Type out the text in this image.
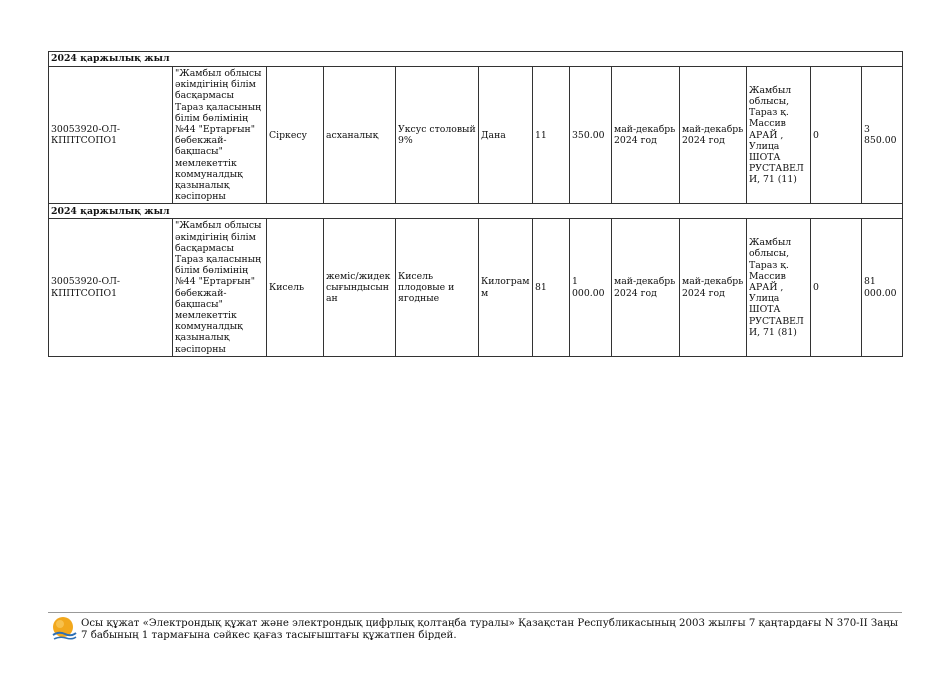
2024 қаржылық жыл												
30053920-ОЛ-КППТСОПО1	"Жамбыл облысы әкімдігінің білім басқармасы Тараз қаласының білім бөлімінің №44 "Ертарғын" бөбекжай-бақшасы" мемлекеттік коммуналдық қазыналық кәсіпорны	Сіркесу	асханалық	Уксус столовый 9%	Дана	11	350.00	май-декабрь 2024 год	май-декабрь 2024 год	Жамбыл облысы, Тараз қ. Массив АРАЙ , Улица ШОТА РУСТАВЕЛИ, 71 (11)	0	3 850.00
2024 қаржылық жыл												
30053920-ОЛ-КППТСОПО1	"Жамбыл облысы әкімдігінің білім басқармасы Тараз қаласының білім бөлімінің №44 "Ертарғын" бөбекжай-бақшасы" мемлекеттік коммуналдық қазыналық кәсіпорны	Кисель	жеміс/жидек сығындысынан	Кисель плодовые и ягодные	Килограмм	81	1 000.00	май-декабрь 2024 год	май-декабрь 2024 год	Жамбыл облысы, Тараз қ. Массив АРАЙ , Улица ШОТА РУСТАВЕЛИ, 71 (81)	0	81 000.00
Осы құжат «Электрондық құжат және электрондық цифрлық қолтаңба туралы» Қазақстан Республикасының 2003 жылғы 7 қаңтардағы N 370-II Заңы 7 бабының 1 тармағына сәйкес қағаз тасығыштағы құжатпен бірдей.
